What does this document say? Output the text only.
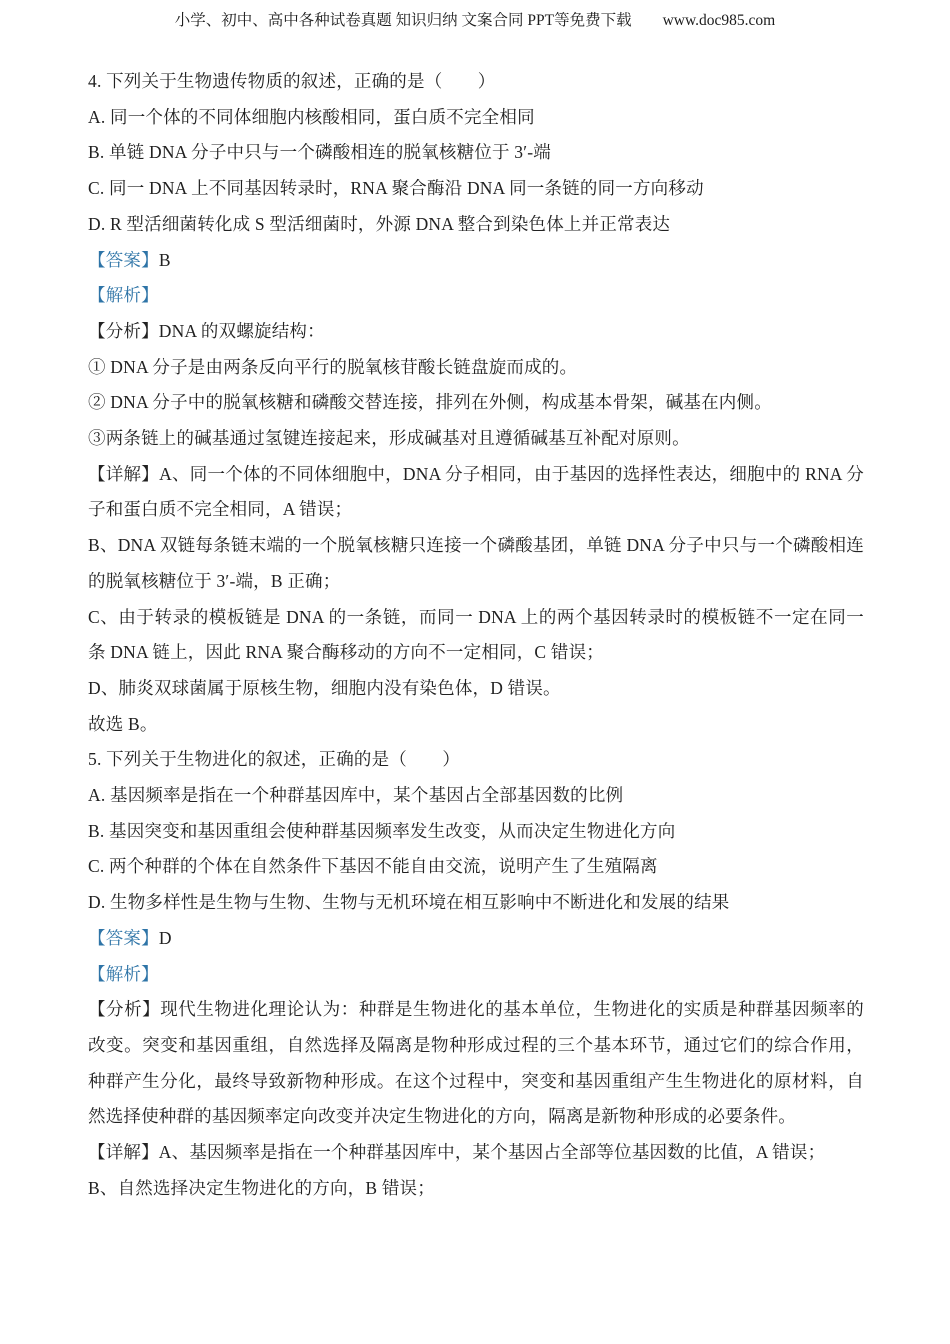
小学、初中、高中各种试卷真题 知识归纳 文案合同 PPT等免费下载　　www.doc985.com

4. 下列关于生物遗传物质的叙述，正确的是（　　）

A. 同一个体的不同体细胞内核酸相同，蛋白质不完全相同

B. 单链 DNA 分子中只与一个磷酸相连的脱氧核糖位于 3′-端

C. 同一 DNA 上不同基因转录时，RNA 聚合酶沿 DNA 同一条链的同一方向移动

D. R 型活细菌转化成 S 型活细菌时，外源 DNA 整合到染色体上并正常表达

【答案】B

【解析】

【分析】DNA 的双螺旋结构：

① DNA 分子是由两条反向平行的脱氧核苷酸长链盘旋而成的。

② DNA 分子中的脱氧核糖和磷酸交替连接，排列在外侧，构成基本骨架，碱基在内侧。

③两条链上的碱基通过氢键连接起来，形成碱基对且遵循碱基互补配对原则。

【详解】A、同一个体的不同体细胞中，DNA 分子相同，由于基因的选择性表达，细胞中的 RNA 分子和蛋白质不完全相同，A 错误；

B、DNA 双链每条链末端的一个脱氧核糖只连接一个磷酸基团，单链 DNA 分子中只与一个磷酸相连的脱氧核糖位于 3′-端，B 正确；

C、由于转录的模板链是 DNA 的一条链，而同一 DNA 上的两个基因转录时的模板链不一定在同一条 DNA 链上，因此 RNA 聚合酶移动的方向不一定相同，C 错误；

D、肺炎双球菌属于原核生物，细胞内没有染色体，D 错误。

故选 B。

5. 下列关于生物进化的叙述，正确的是（　　）

A. 基因频率是指在一个种群基因库中，某个基因占全部基因数的比例

B. 基因突变和基因重组会使种群基因频率发生改变，从而决定生物进化方向

C. 两个种群的个体在自然条件下基因不能自由交流，说明产生了生殖隔离

D. 生物多样性是生物与生物、生物与无机环境在相互影响中不断进化和发展的结果

【答案】D

【解析】

【分析】现代生物进化理论认为：种群是生物进化的基本单位，生物进化的实质是种群基因频率的改变。突变和基因重组，自然选择及隔离是物种形成过程的三个基本环节，通过它们的综合作用，种群产生分化，最终导致新物种形成。在这个过程中，突变和基因重组产生生物进化的原材料，自然选择使种群的基因频率定向改变并决定生物进化的方向，隔离是新物种形成的必要条件。

【详解】A、基因频率是指在一个种群基因库中，某个基因占全部等位基因数的比值，A 错误；

B、自然选择决定生物进化的方向，B 错误；
